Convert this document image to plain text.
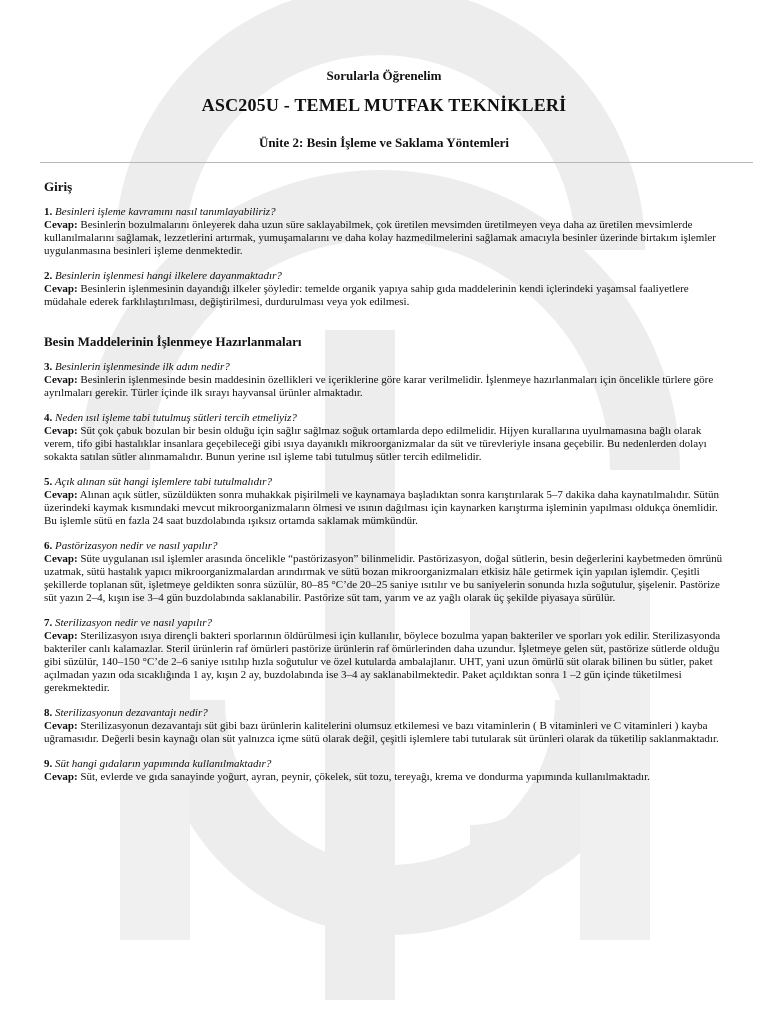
Sorularla Öğrenelim
ASC205U - TEMEL MUTFAK TEKNİKLERİ
Ünite 2: Besin İşleme ve Saklama Yöntemleri
Giriş
1. Besinleri işleme kavramını nasıl tanımlayabiliriz?
Cevap: Besinlerin bozulmalarını önleyerek daha uzun süre saklayabilmek, çok üretilen mevsimden üretilmeyen veya daha az üretilen mevsimlerde kullanılmalarını sağlamak, lezzetlerini artırmak, yumuşamalarını ve daha kolay hazmedilmelerini sağlamak amacıyla besinler üzerinde birtakım işlemler uygulanmasına besinleri işleme denmektedir.
2. Besinlerin işlenmesi hangi ilkelere dayanmaktadır?
Cevap: Besinlerin işlenmesinin dayandığı ilkeler şöyledir: temelde organik yapıya sahip gıda maddelerinin kendi içlerindeki yaşamsal faaliyetlere müdahale ederek farklılaştırılması, değiştirilmesi, durdurulması veya yok edilmesi.
Besin Maddelerinin İşlenmeye Hazırlanmaları
3. Besinlerin işlenmesinde ilk adım nedir?
Cevap: Besinlerin işlenmesinde besin maddesinin özellikleri ve içeriklerine göre karar verilmelidir. İşlenmeye hazırlanmaları için öncelikle türlere göre ayrılmaları gerekir. Türler içinde ilk sırayı hayvansal ürünler almaktadır.
4. Neden ısıl işleme tabi tutulmuş sütleri tercih etmeliyiz?
Cevap: Süt çok çabuk bozulan bir besin olduğu için sağlır sağlmaz soğuk ortamlarda depo edilmelidir. Hijyen kurallarına uyulmamasına bağlı olarak verem, tifo gibi hastalıklar insanlara geçebileceği gibi ısıya dayanıklı mikroorganizmalar da süt ve türevleriyle insana geçebilir. Bu nedenlerden dolayı sokakta satılan sütler alınmamalıdır. Bunun yerine ısıl işleme tabi tutulmuş sütler tercih edilmelidir.
5. Açık alınan süt hangi işlemlere tabi tutulmalıdır?
Cevap: Alınan açık sütler, süzüldükten sonra muhakkak pişirilmeli ve kaynamaya başladıktan sonra karıştırılarak 5–7 dakika daha kaynatılmalıdır. Sütün üzerindeki kaymak kısmındaki mevcut mikroorganizmaların ölmesi ve ısının dağılması için kaynarken karıştırma işleminin yapılması oldukça önemlidir. Bu işlemle sütü en fazla 24 saat buzdolabında ışıksız ortamda saklamak mümkündür.
6. Pastörizasyon nedir ve nasıl yapılır?
Cevap: Süte uygulanan ısıl işlemler arasında öncelikle “pastörizasyon” bilinmelidir. Pastörizasyon, doğal sütlerin, besin değerlerini kaybetmeden ömrünü uzatmak, sütü hastalık yapıcı mikroorganizmalardan arındırmak ve sütü bozan mikroorganizmaları etkisiz hâle getirmek için yapılan işlemdir. Çeşitli şekillerde toplanan süt, işletmeye geldikten sonra süzülür, 80–85 °C’de 20–25 saniye ısıtılır ve bu saniyelerin sonunda hızla soğutulur, şişelenir. Pastörize süt yazın 2–4, kışın ise 3–4 gün buzdolabında saklanabilir. Pastörize süt tam, yarım ve az yağlı olarak üç şekilde piyasaya sürülür.
7. Sterilizasyon nedir ve nasıl yapılır?
Cevap: Sterilizasyon ısıya dirençli bakteri sporlarının öldürülmesi için kullanılır, böylece bozulma yapan bakteriler ve sporları yok edilir. Sterilizasyonda bakteriler canlı kalamazlar. Steril ürünlerin raf ömürleri pastörize ürünlerin raf ömürlerinden daha uzundur. İşletmeye gelen süt, pastörize sütlerde olduğu gibi süzülür, 140–150 °C’de 2–6 saniye ısıtılıp hızla soğutulur ve özel kutularda ambalajlanır. UHT, yani uzun ömürlü süt olarak bilinen bu sütler, paket açılmadan yazın oda sıcaklığında 1 ay, kışın 2 ay, buzdolabında ise 3–4 ay saklanabilmektedir. Paket açıldıktan sonra 1 –2 gün içinde tüketilmesi gerekmektedir.
8. Sterilizasyonun dezavantajı nedir?
Cevap: Sterilizasyonun dezavantajı süt gibi bazı ürünlerin kalitelerini olumsuz etkilemesi ve bazı vitaminlerin ( B vitaminleri ve C vitaminleri ) kayba uğramasıdır. Değerli besin kaynağı olan süt yalnızca içme sütü olarak değil, çeşitli işlemlere tabi tutularak süt ürünleri olarak da tüketilip saklanmaktadır.
9. Süt hangi gıdaların yapımında kullanılmaktadır?
Cevap: Süt, evlerde ve gıda sanayinde yoğurt, ayran, peynir, çökelek, süt tozu, tereyağı, krema ve dondurma yapımında kullanılmaktadır.
